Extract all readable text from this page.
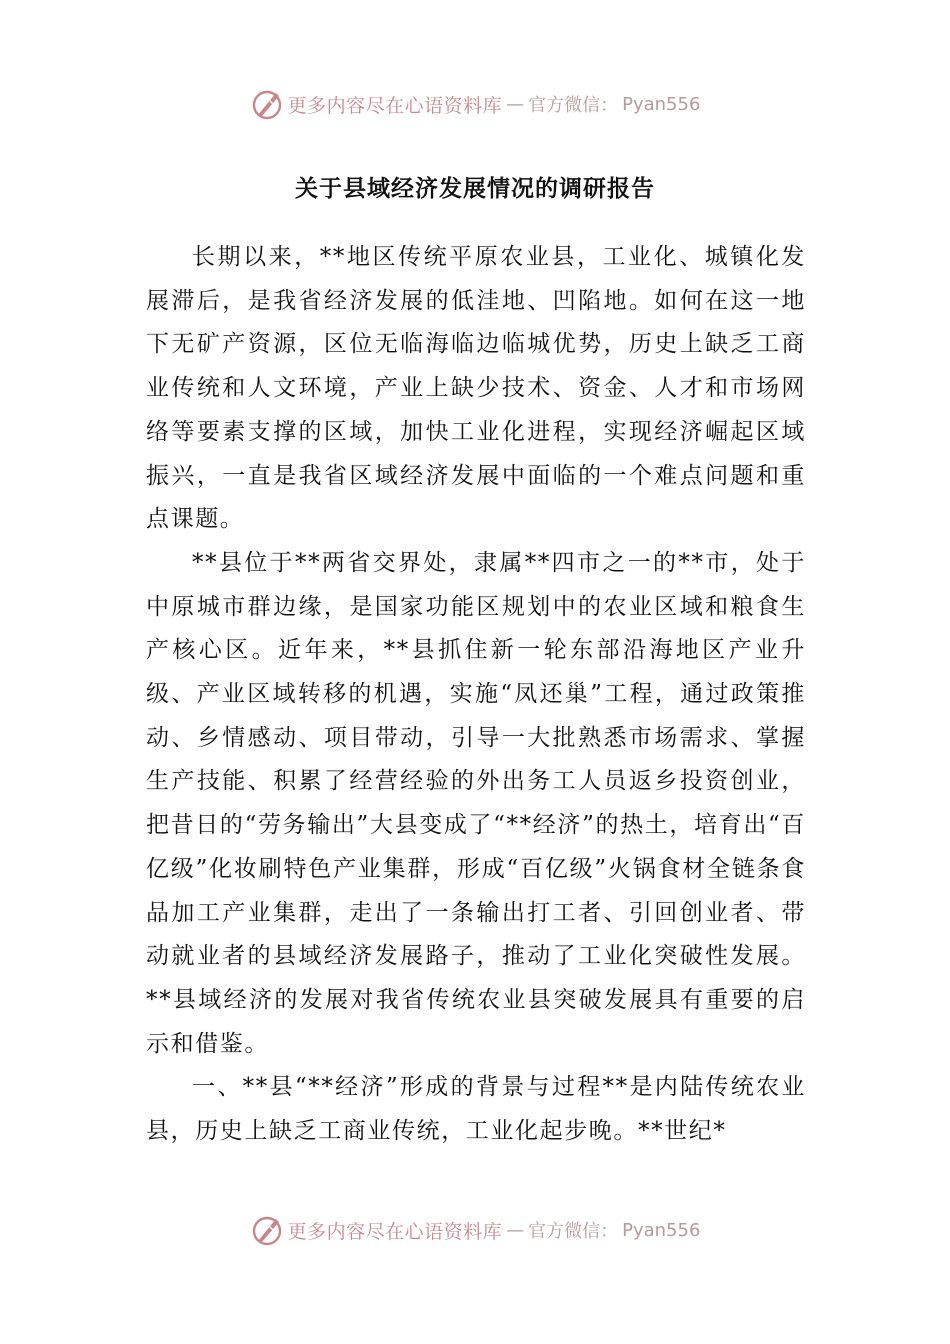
更多内容尽在心语资料库 — 官方微信： Pyan556
关于县域经济发展情况的调研报告

长期以来，**地区传统平原农业县，工业化、城镇化发展滞后，是我省经济发展的低洼地、凹陷地。如何在这一地下无矿产资源，区位无临海临边临城优势，历史上缺乏工商业传统和人文环境，产业上缺少技术、资金、人才和市场网络等要素支撑的区域，加快工业化进程，实现经济崛起区域振兴，一直是我省区域经济发展中面临的一个难点问题和重点课题。

**县位于**两省交界处，隶属**四市之一的**市，处于中原城市群边缘，是国家功能区规划中的农业区域和粮食生产核心区。近年来，**县抓住新一轮东部沿海地区产业升级、产业区域转移的机遇，实施“凤还巢”工程，通过政策推动、乡情感动、项目带动，引导一大批熟悉市场需求、掌握生产技能、积累了经营经验的外出务工人员返乡投资创业，把昔日的“劳务输出”大县变成了“**经济”的热土，培育出“百亿级”化妆刷特色产业集群，形成“百亿级”火锅食材全链条食品加工产业集群，走出了一条输出打工者、引回创业者、带动就业者的县域经济发展路子，推动了工业化突破性发展。**县域经济的发展对我省传统农业县突破发展具有重要的启示和借鉴。

一、**县“**经济”形成的背景与过程**是内陆传统农业县，历史上缺乏工商业传统，工业化起步晚。**世纪*

更多内容尽在心语资料库 — 官方微信： Pyan556
